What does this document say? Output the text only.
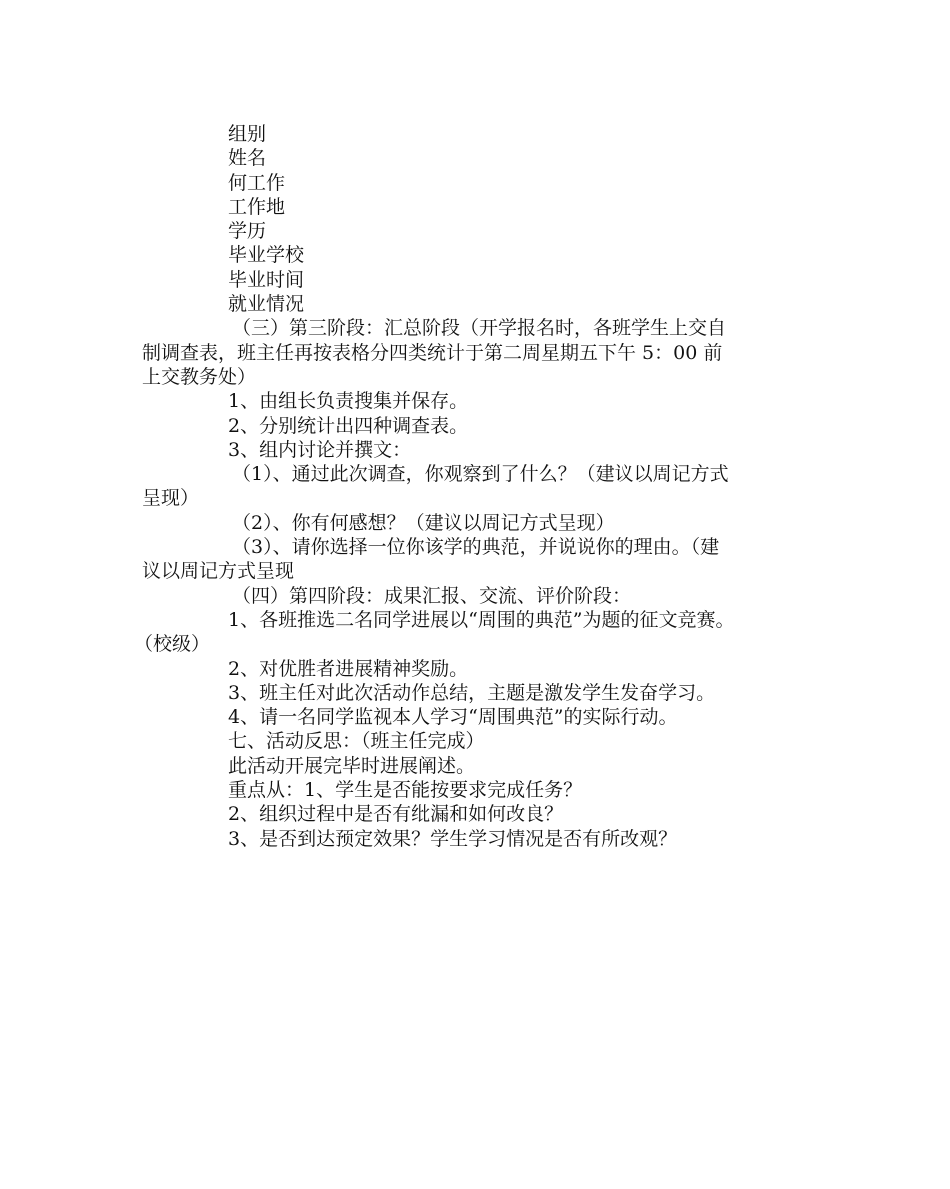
组别
姓名
何工作
工作地
学历
毕业学校
毕业时间
就业情况
（三）第三阶段：汇总阶段（开学报名时，各班学生上交自
制调查表，班主任再按表格分四类统计于第二周星期五下午 5：00 前
上交教务处）
1、由组长负责搜集并保存。
2、分别统计出四种调查表。
3、组内讨论并撰文：
（1）、通过此次调查，你观察到了什么？（建议以周记方式
呈现）
（2）、你有何感想？（建议以周记方式呈现）
（3）、请你选择一位你该学的典范，并说说你的理由。（建
议以周记方式呈现
（四）第四阶段：成果汇报、交流、评价阶段：
1、各班推选二名同学进展以“周围的典范”为题的征文竞赛。
（校级）
2、对优胜者进展精神奖励。
3、班主任对此次活动作总结，主题是激发学生发奋学习。
4、请一名同学监视本人学习“周围典范”的实际行动。
七、活动反思：（班主任完成）
此活动开展完毕时进展阐述。
重点从：1、学生是否能按要求完成任务？
2、组织过程中是否有纰漏和如何改良？
3、是否到达预定效果？学生学习情况是否有所改观？
